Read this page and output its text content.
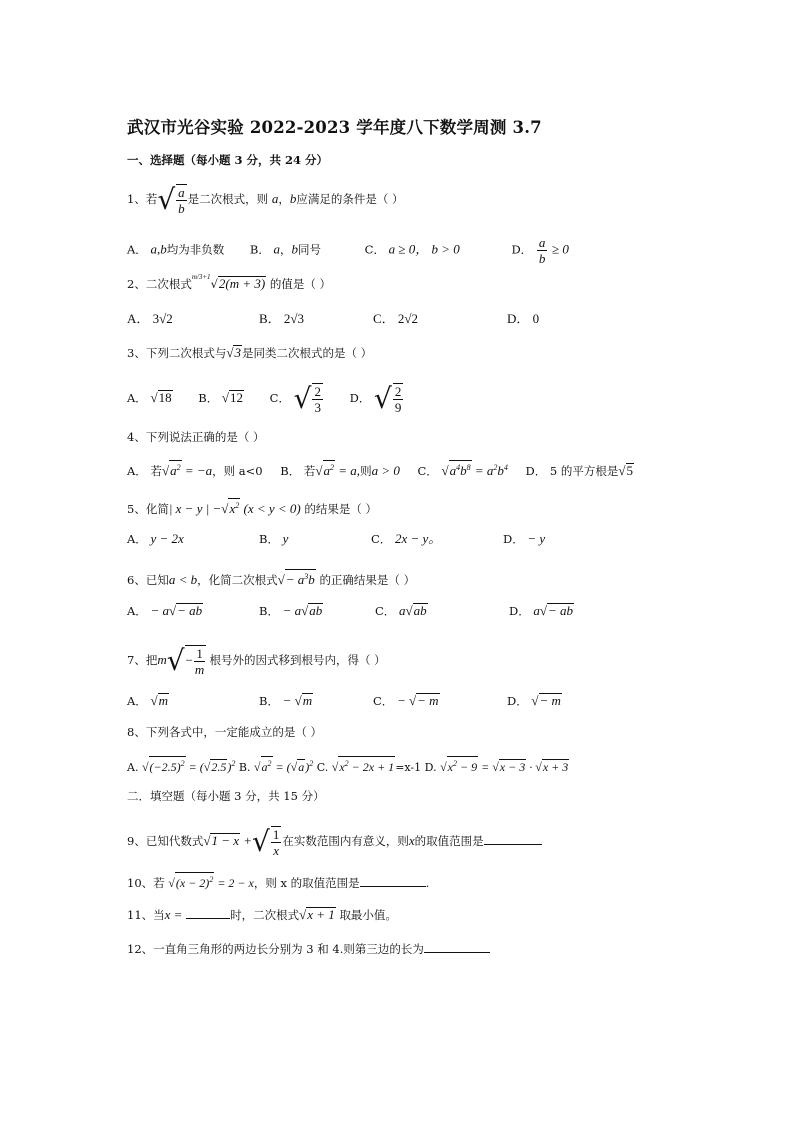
武汉市光谷实验 2022-2023 学年度八下数学周测 3.7
一、选择题（每小题 3 分，共 24 分）
1、若√ $\frac{a}{b}$ 是二次根式，则 a，b应满足的条件是（ ）
A． a,b均为非负数 B． a，b同号	C． a ≥ 0， b > 0	D． $\frac{a}{b} \ge 0$
2、二次根式$^{m/3+1}$√2(m + 3) 的值是（ ）
A． 3√2	B． 2√3	C． 2√2	D． 0
3、下列二次根式与√3是同类二次根式的是（ ）
A． √18 B． √12 C． √ $\frac{2}{3}$ D． √ $\frac{2}{9}$
4、下列说法正确的是（ ）
A． 若$√a^2 = -a$，则 a<0 B． 若$√a^2 = a$,则a > 0 C． $√a^4b^8 = a^2b^4$ D． 5 的平方根是√5
5、化简| x − y | $-√x^2$ (x < y < 0) 的结果是（ ）
A． y − 2x	B． y	C． 2x − y。	D． − y
6、已知a < b，化简二次根式√− $a^3b$ 的正确结果是（ ）
A． − a√− ab	B． − a√ab	C． a√ab	D． a√− ab
7、把$m√- \frac{1}{m}$ 根号外的因式移到根号内，得（ ）
A． √m	B． − √m	C． − √− m	D． √− m
8、下列各式中，一定能成立的是（ ）
A. $√(-2.5)^2 = (√2.5)^2$ B. $√a^2 = (√a)^2$ C. $√x^2 - 2x + 1=x-1$ D. $√x^2 - 9 = √x - 3 \cdot √x + 3$
二．填空题（每小题 3 分，共 15 分）
9、已知代数式√1 − x +√ $\frac{1}{x}$ 在实数范围内有意义，则x的取值范围是
10、若 $√(x - 2)^2 = 2 - x$，则 x 的取值范围是	.
11、当x =	时，二次根式√x + 1 取最小值。
12、一直角三角形的两边长分别为 3 和 4.则第三边的长为
